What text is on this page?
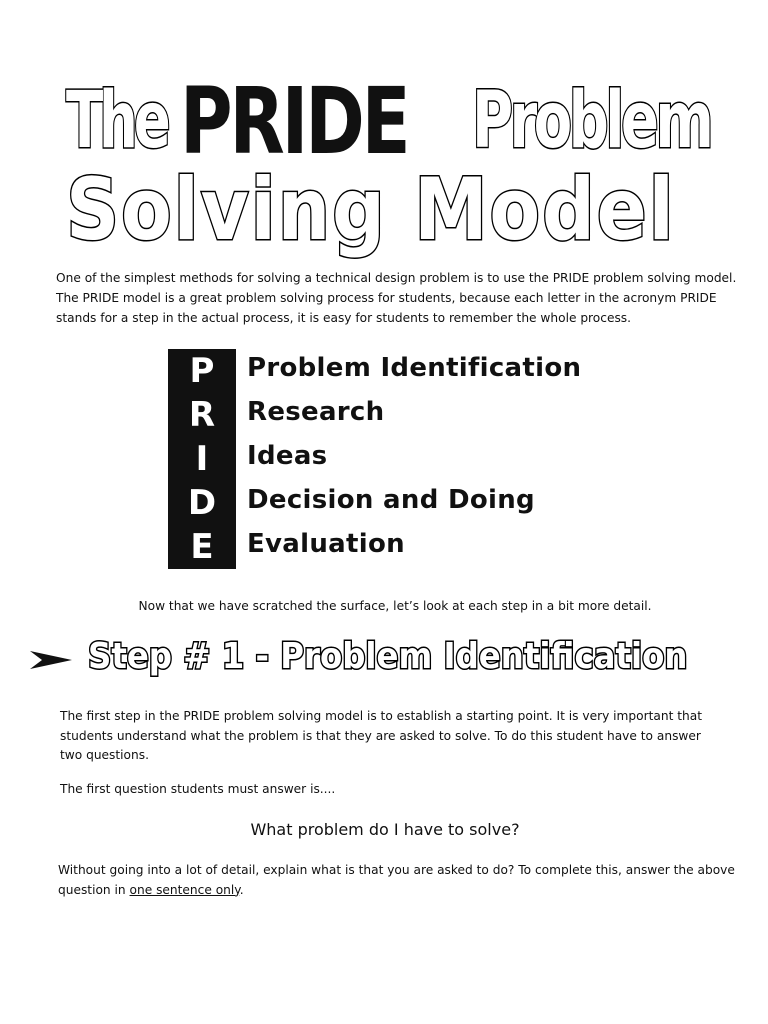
The PRIDE Problem
Solving Model
One of the simplest methods for solving a technical design problem is to use the PRIDE problem solving model.
The PRIDE model is a great problem solving process for students, because each letter in the acronym PRIDE
stands for a step in the actual process, it is easy for students to remember the whole process.
P	Problem Identification
R	Research
I	Ideas
D	Decision and Doing
E	Evaluation
Now that we have scratched the surface, let’s look at each step in a bit more detail.
Step # 1 - Problem Identification
The first step in the PRIDE problem solving model is to establish a starting point. It is very important that
students understand what the problem is that they are asked to solve. To do this student have to answer
two questions.
The first question students must answer is....
What problem do I have to solve?
Without going into a lot of detail, explain what is that you are asked to do? To complete this, answer the above
question in one sentence only.
